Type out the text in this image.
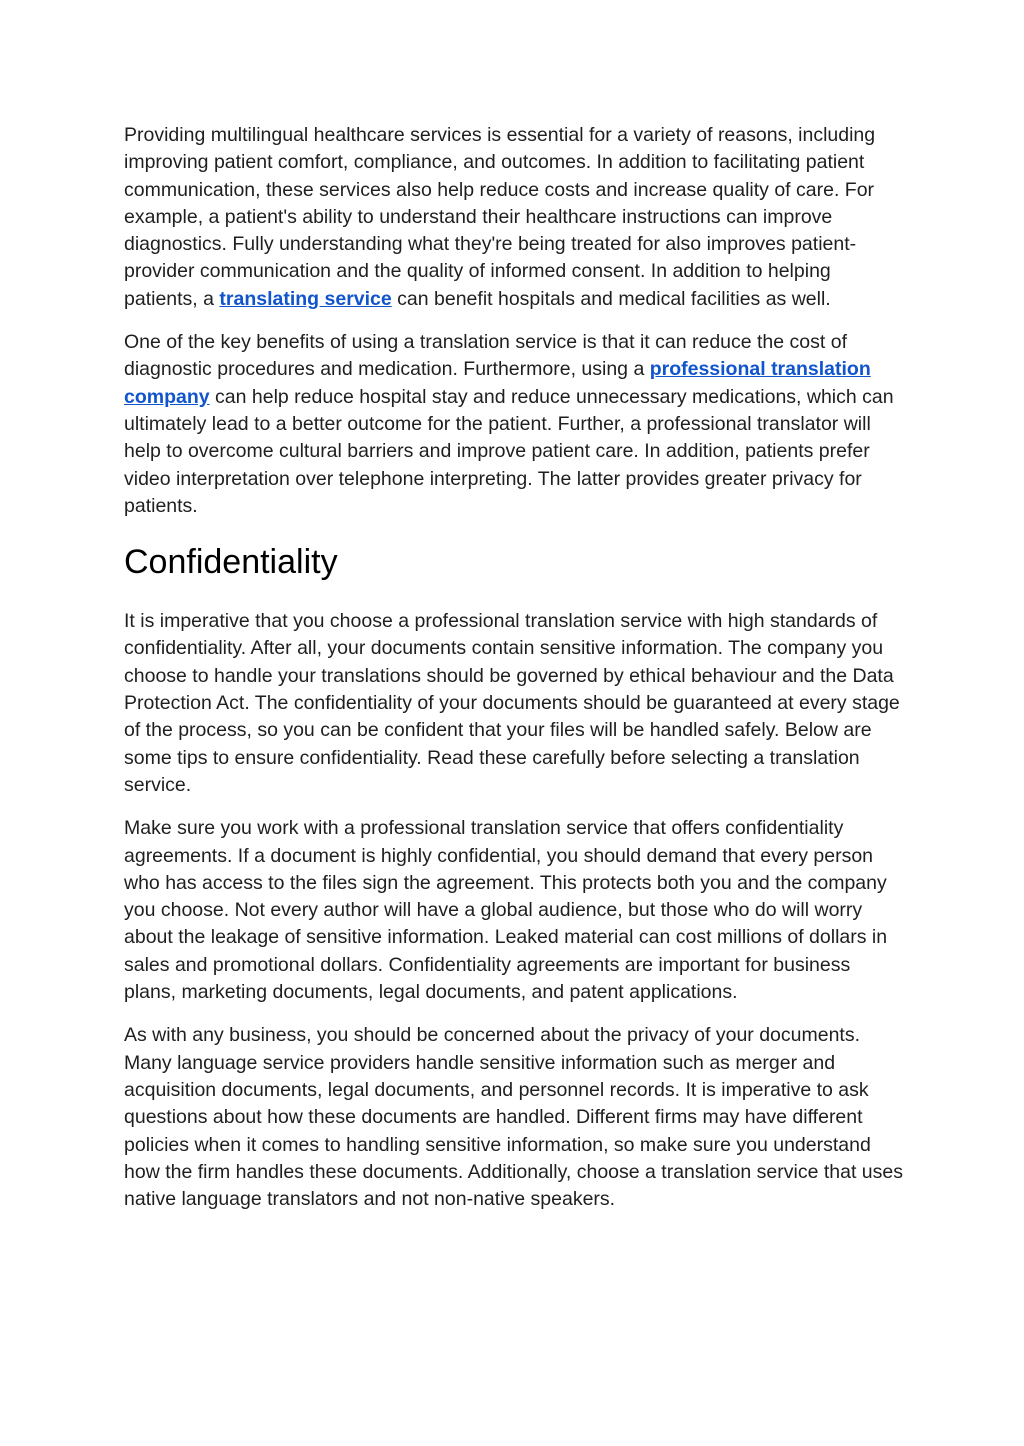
Providing multilingual healthcare services is essential for a variety of reasons, including improving patient comfort, compliance, and outcomes. In addition to facilitating patient communication, these services also help reduce costs and increase quality of care. For example, a patient's ability to understand their healthcare instructions can improve diagnostics. Fully understanding what they're being treated for also improves patient-provider communication and the quality of informed consent. In addition to helping patients, a translating service can benefit hospitals and medical facilities as well.

One of the key benefits of using a translation service is that it can reduce the cost of diagnostic procedures and medication. Furthermore, using a professional translation company can help reduce hospital stay and reduce unnecessary medications, which can ultimately lead to a better outcome for the patient. Further, a professional translator will help to overcome cultural barriers and improve patient care. In addition, patients prefer video interpretation over telephone interpreting. The latter provides greater privacy for patients.

Confidentiality

It is imperative that you choose a professional translation service with high standards of confidentiality. After all, your documents contain sensitive information. The company you choose to handle your translations should be governed by ethical behaviour and the Data Protection Act. The confidentiality of your documents should be guaranteed at every stage of the process, so you can be confident that your files will be handled safely. Below are some tips to ensure confidentiality. Read these carefully before selecting a translation service.

Make sure you work with a professional translation service that offers confidentiality agreements. If a document is highly confidential, you should demand that every person who has access to the files sign the agreement. This protects both you and the company you choose. Not every author will have a global audience, but those who do will worry about the leakage of sensitive information. Leaked material can cost millions of dollars in sales and promotional dollars. Confidentiality agreements are important for business plans, marketing documents, legal documents, and patent applications.

As with any business, you should be concerned about the privacy of your documents. Many language service providers handle sensitive information such as merger and acquisition documents, legal documents, and personnel records. It is imperative to ask questions about how these documents are handled. Different firms may have different policies when it comes to handling sensitive information, so make sure you understand how the firm handles these documents. Additionally, choose a translation service that uses native language translators and not non-native speakers.
